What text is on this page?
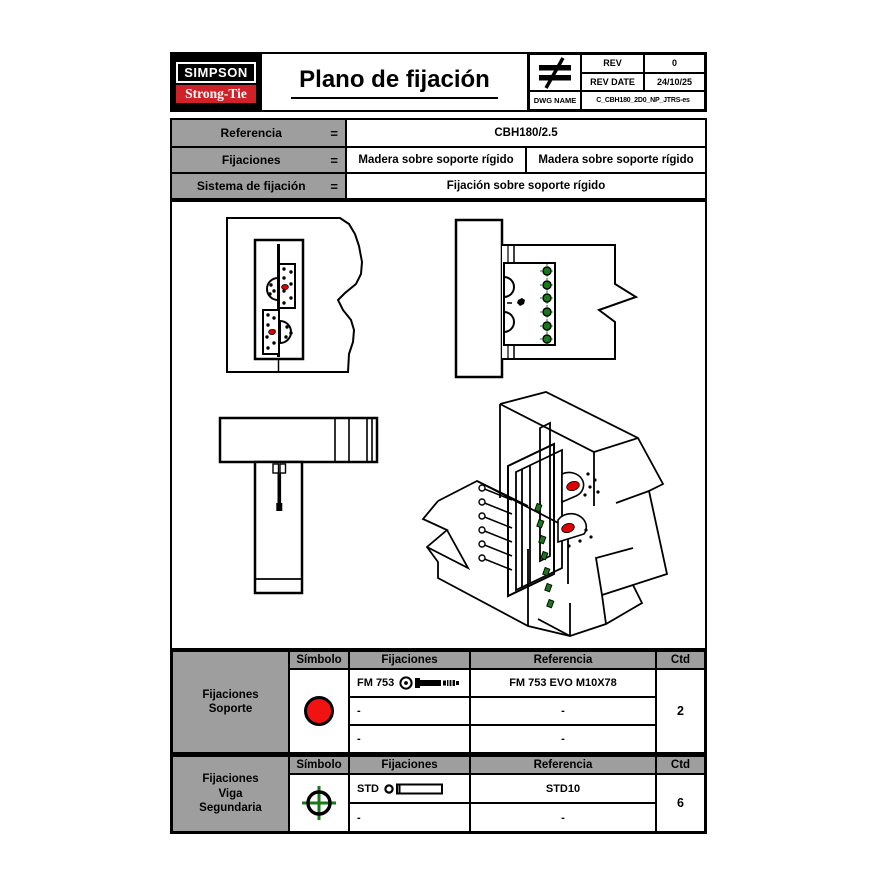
SIMPSON
Strong-Tie
Plano de fijación
REV	0
REV DATE	24/10/25
DWG NAME	C_CBH180_2D0_NP_JTRS-es
Referencia	=	CBH180/2.5
Fijaciones	=	Madera sobre soporte rígido	Madera sobre soporte rígido
Sistema de fijación	=	Fijación sobre soporte rígido
Fijaciones
Soporte
Símbolo	Fijaciones	Referencia	Ctd
FM 753	FM 753 EVO M10X78
-	-
-	-
2
Fijaciones
Viga
Segundaria
Símbolo	Fijaciones	Referencia	Ctd
STD	STD10
-	-
6
